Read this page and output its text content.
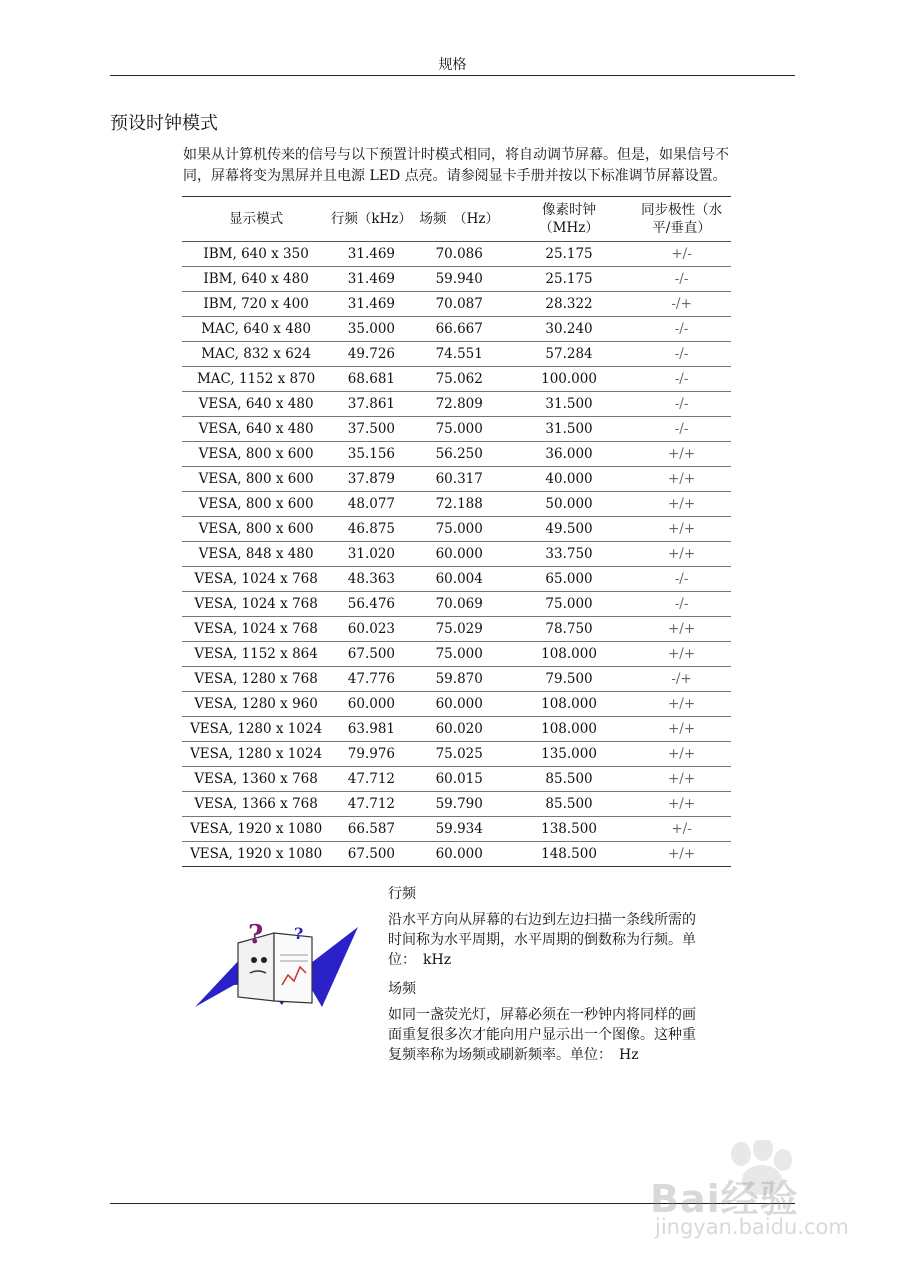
规格
预设时钟模式

如果从计算机传来的信号与以下预置计时模式相同，将自动调节屏幕。但是，如果信号不

同，屏幕将变为黑屏并且电源 LED 点亮。请参阅显卡手册并按以下标准调节屏幕设置。

显示模式	行频（kHz）	场频　（Hz）	像素时钟
（MHz）	同步极性（水
平/垂直）
IBM, 640 x 350	31.469	70.086	25.175	+/-
IBM, 640 x 480	31.469	59.940	25.175	-/-
IBM, 720 x 400	31.469	70.087	28.322	-/+
MAC, 640 x 480	35.000	66.667	30.240	-/-
MAC, 832 x 624	49.726	74.551	57.284	-/-
MAC, 1152 x 870	68.681	75.062	100.000	-/-
VESA, 640 x 480	37.861	72.809	31.500	-/-
VESA, 640 x 480	37.500	75.000	31.500	-/-
VESA, 800 x 600	35.156	56.250	36.000	+/+
VESA, 800 x 600	37.879	60.317	40.000	+/+
VESA, 800 x 600	48.077	72.188	50.000	+/+
VESA, 800 x 600	46.875	75.000	49.500	+/+
VESA, 848 x 480	31.020	60.000	33.750	+/+
VESA, 1024 x 768	48.363	60.004	65.000	-/-
VESA, 1024 x 768	56.476	70.069	75.000	-/-
VESA, 1024 x 768	60.023	75.029	78.750	+/+
VESA, 1152 x 864	67.500	75.000	108.000	+/+
VESA, 1280 x 768	47.776	59.870	79.500	-/+
VESA, 1280 x 960	60.000	60.000	108.000	+/+
VESA, 1280 x 1024	63.981	60.020	108.000	+/+
VESA, 1280 x 1024	79.976	75.025	135.000	+/+
VESA, 1360 x 768	47.712	60.015	85.500	+/+
VESA, 1366 x 768	47.712	59.790	85.500	+/+
VESA, 1920 x 1080	66.587	59.934	138.500	+/-
VESA, 1920 x 1080	67.500	60.000	148.500	+/+
? ?

行频

沿水平方向从屏幕的右边到左边扫描一条线所需的
时间称为水平周期，水平周期的倒数称为行频。单
位：　kHz

场频

如同一盏荧光灯，屏幕必须在一秒钟内将同样的画
面重复很多次才能向用户显示出一个图像。这种重
复频率称为场频或刷新频率。单位：　Hz

Bai经验
jingyan.baidu.com
